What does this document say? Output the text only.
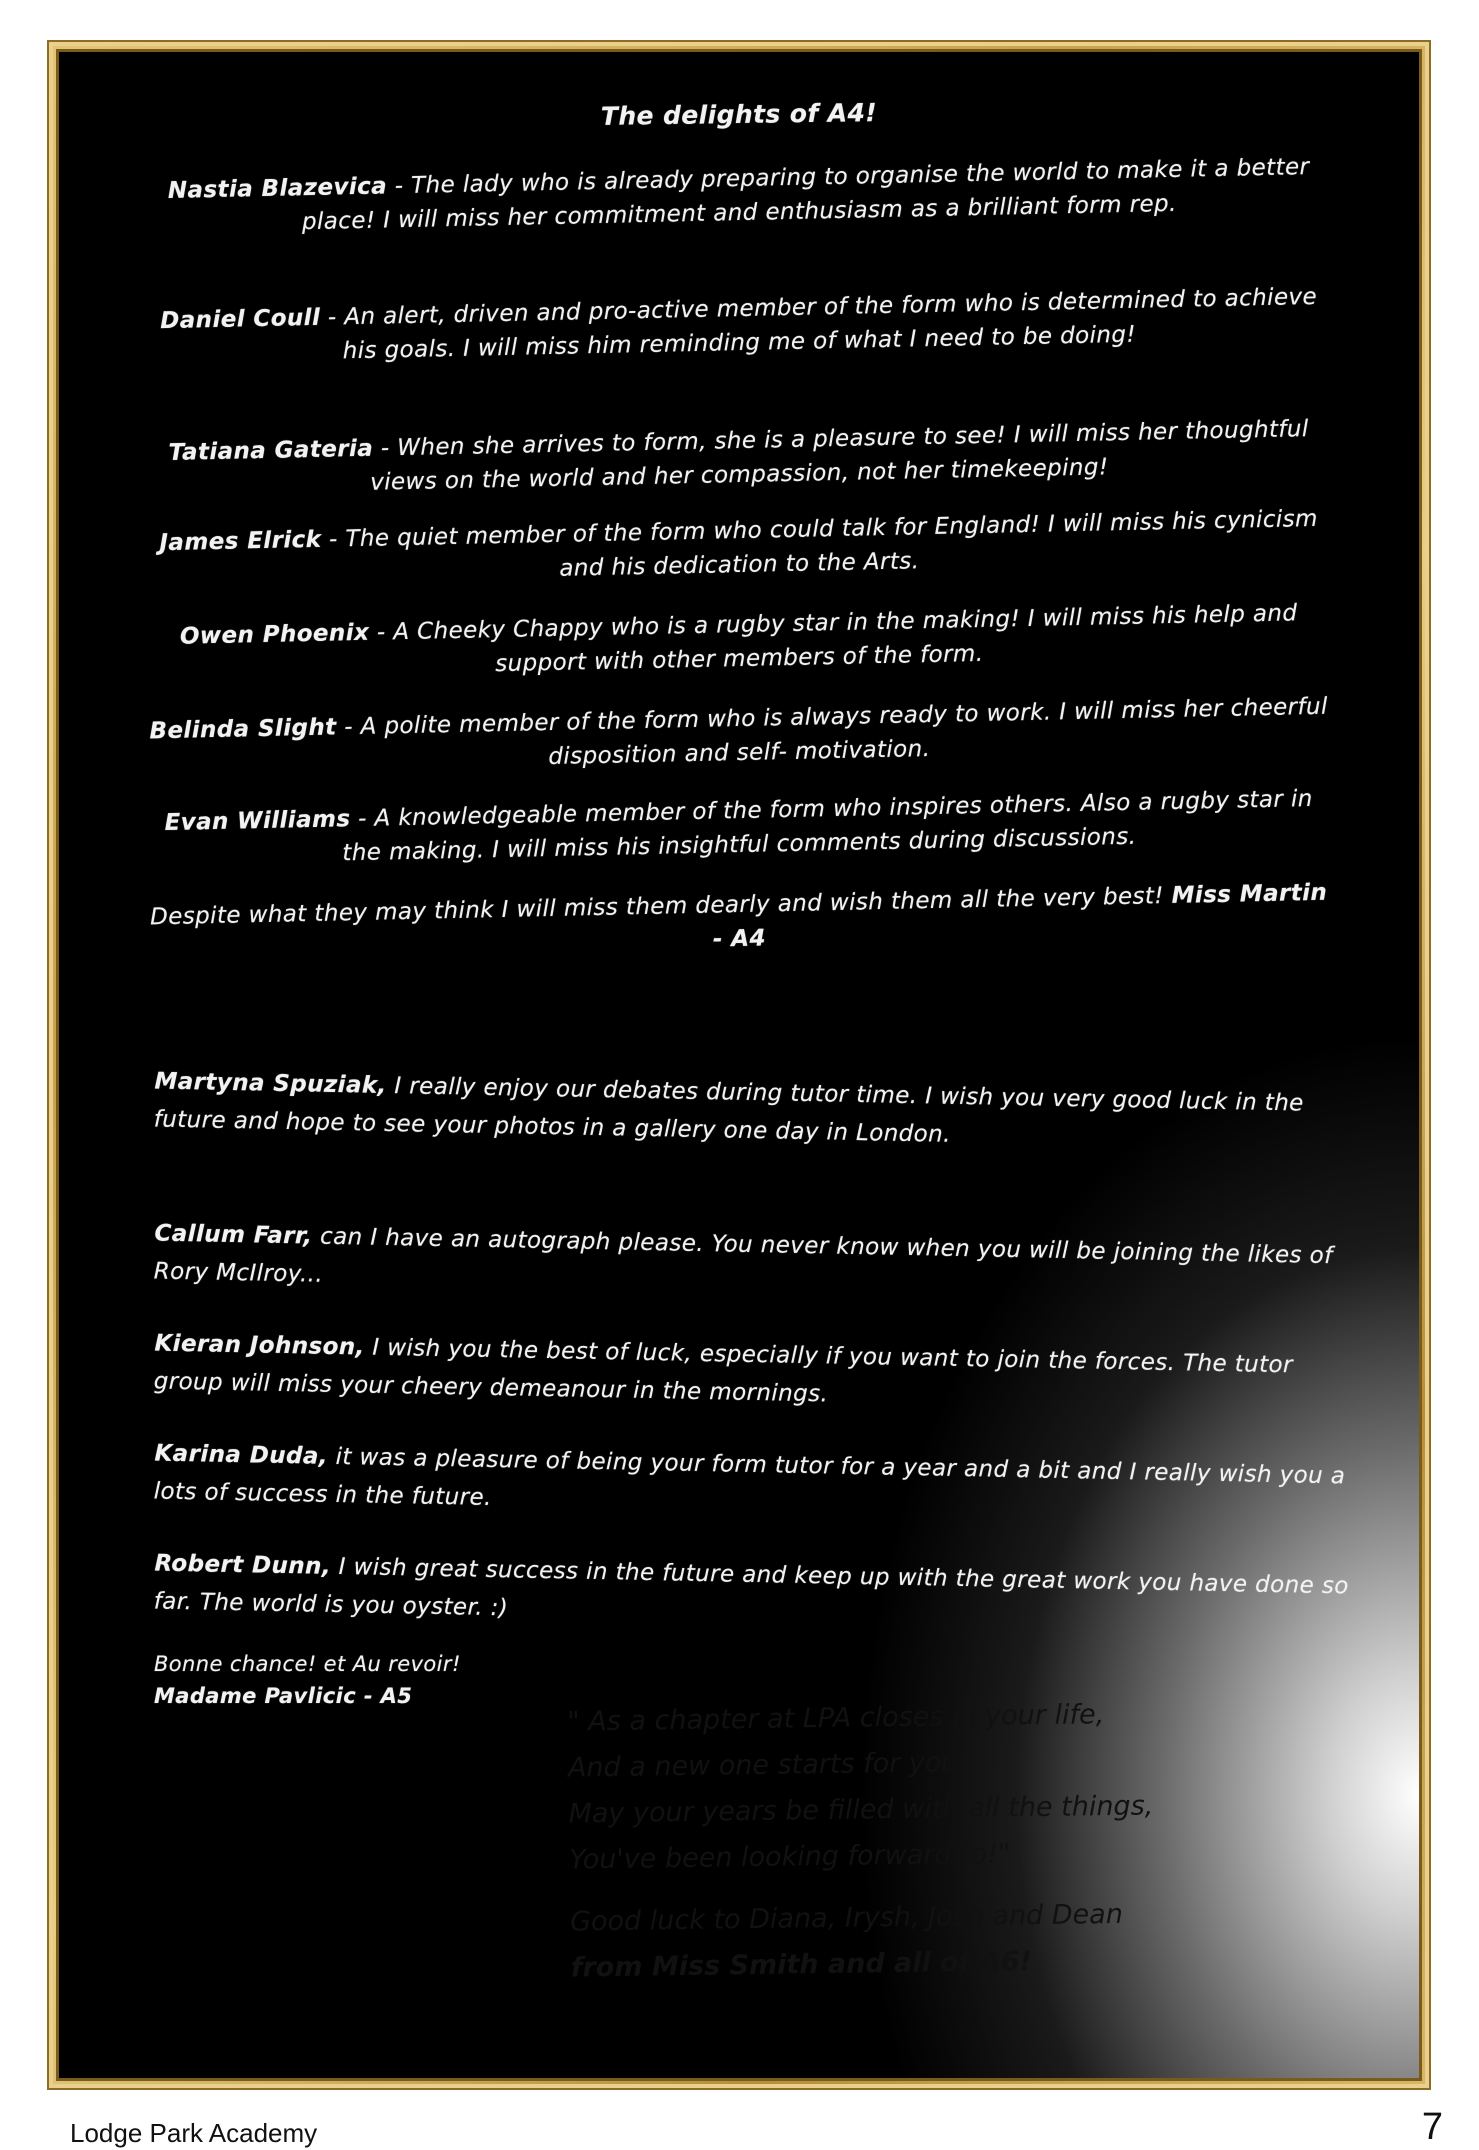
The delights of A4!
Nastia Blazevica - The lady who is already preparing to organise the world to make it a better place! I will miss her commitment and enthusiasm as a brilliant form rep.
Daniel Coull - An alert, driven and pro-active member of the form who is determined to achieve his goals. I will miss him reminding me of what I need to be doing!
Tatiana Gateria - When she arrives to form, she is a pleasure to see! I will miss her thoughtful views on the world and her compassion, not her timekeeping!
James Elrick - The quiet member of the form who could talk for England! I will miss his cynicism and his dedication to the Arts.
Owen Phoenix - A Cheeky Chappy who is a rugby star in the making! I will miss his help and support with other members of the form.
Belinda Slight - A polite member of the form who is always ready to work. I will miss her cheerful disposition and self- motivation.
Evan Williams - A knowledgeable member of the form who inspires others. Also a rugby star in the making. I will miss his insightful comments during discussions.
Despite what they may think I will miss them dearly and wish them all the very best! Miss Martin - A4
Martyna Spuziak, I really enjoy our debates during tutor time. I wish you very good luck in the future and hope to see your photos in a gallery one day in London.
Callum Farr, can I have an autograph please. You never know when you will be joining the likes of Rory McIlroy...
Kieran Johnson, I wish you the best of luck, especially if you want to join the forces. The tutor group will miss your cheery demeanour in the mornings.
Karina Duda, it was a pleasure of being your form tutor for a year and a bit and I really wish you a lots of success in the future.
Robert Dunn, I wish great success in the future and keep up with the great work you have done so far. The world is you oyster. :)
Bonne chance! et Au revoir!
Madame Pavlicic - A5
" As a chapter at LPA closes in your life,
And a new one starts for you,
May your years be filled with all the things,
You've been looking forward to!"
Good luck to Diana, Irysh, Josh and Dean
from Miss Smith and all of A6!
Lodge Park Academy	7
